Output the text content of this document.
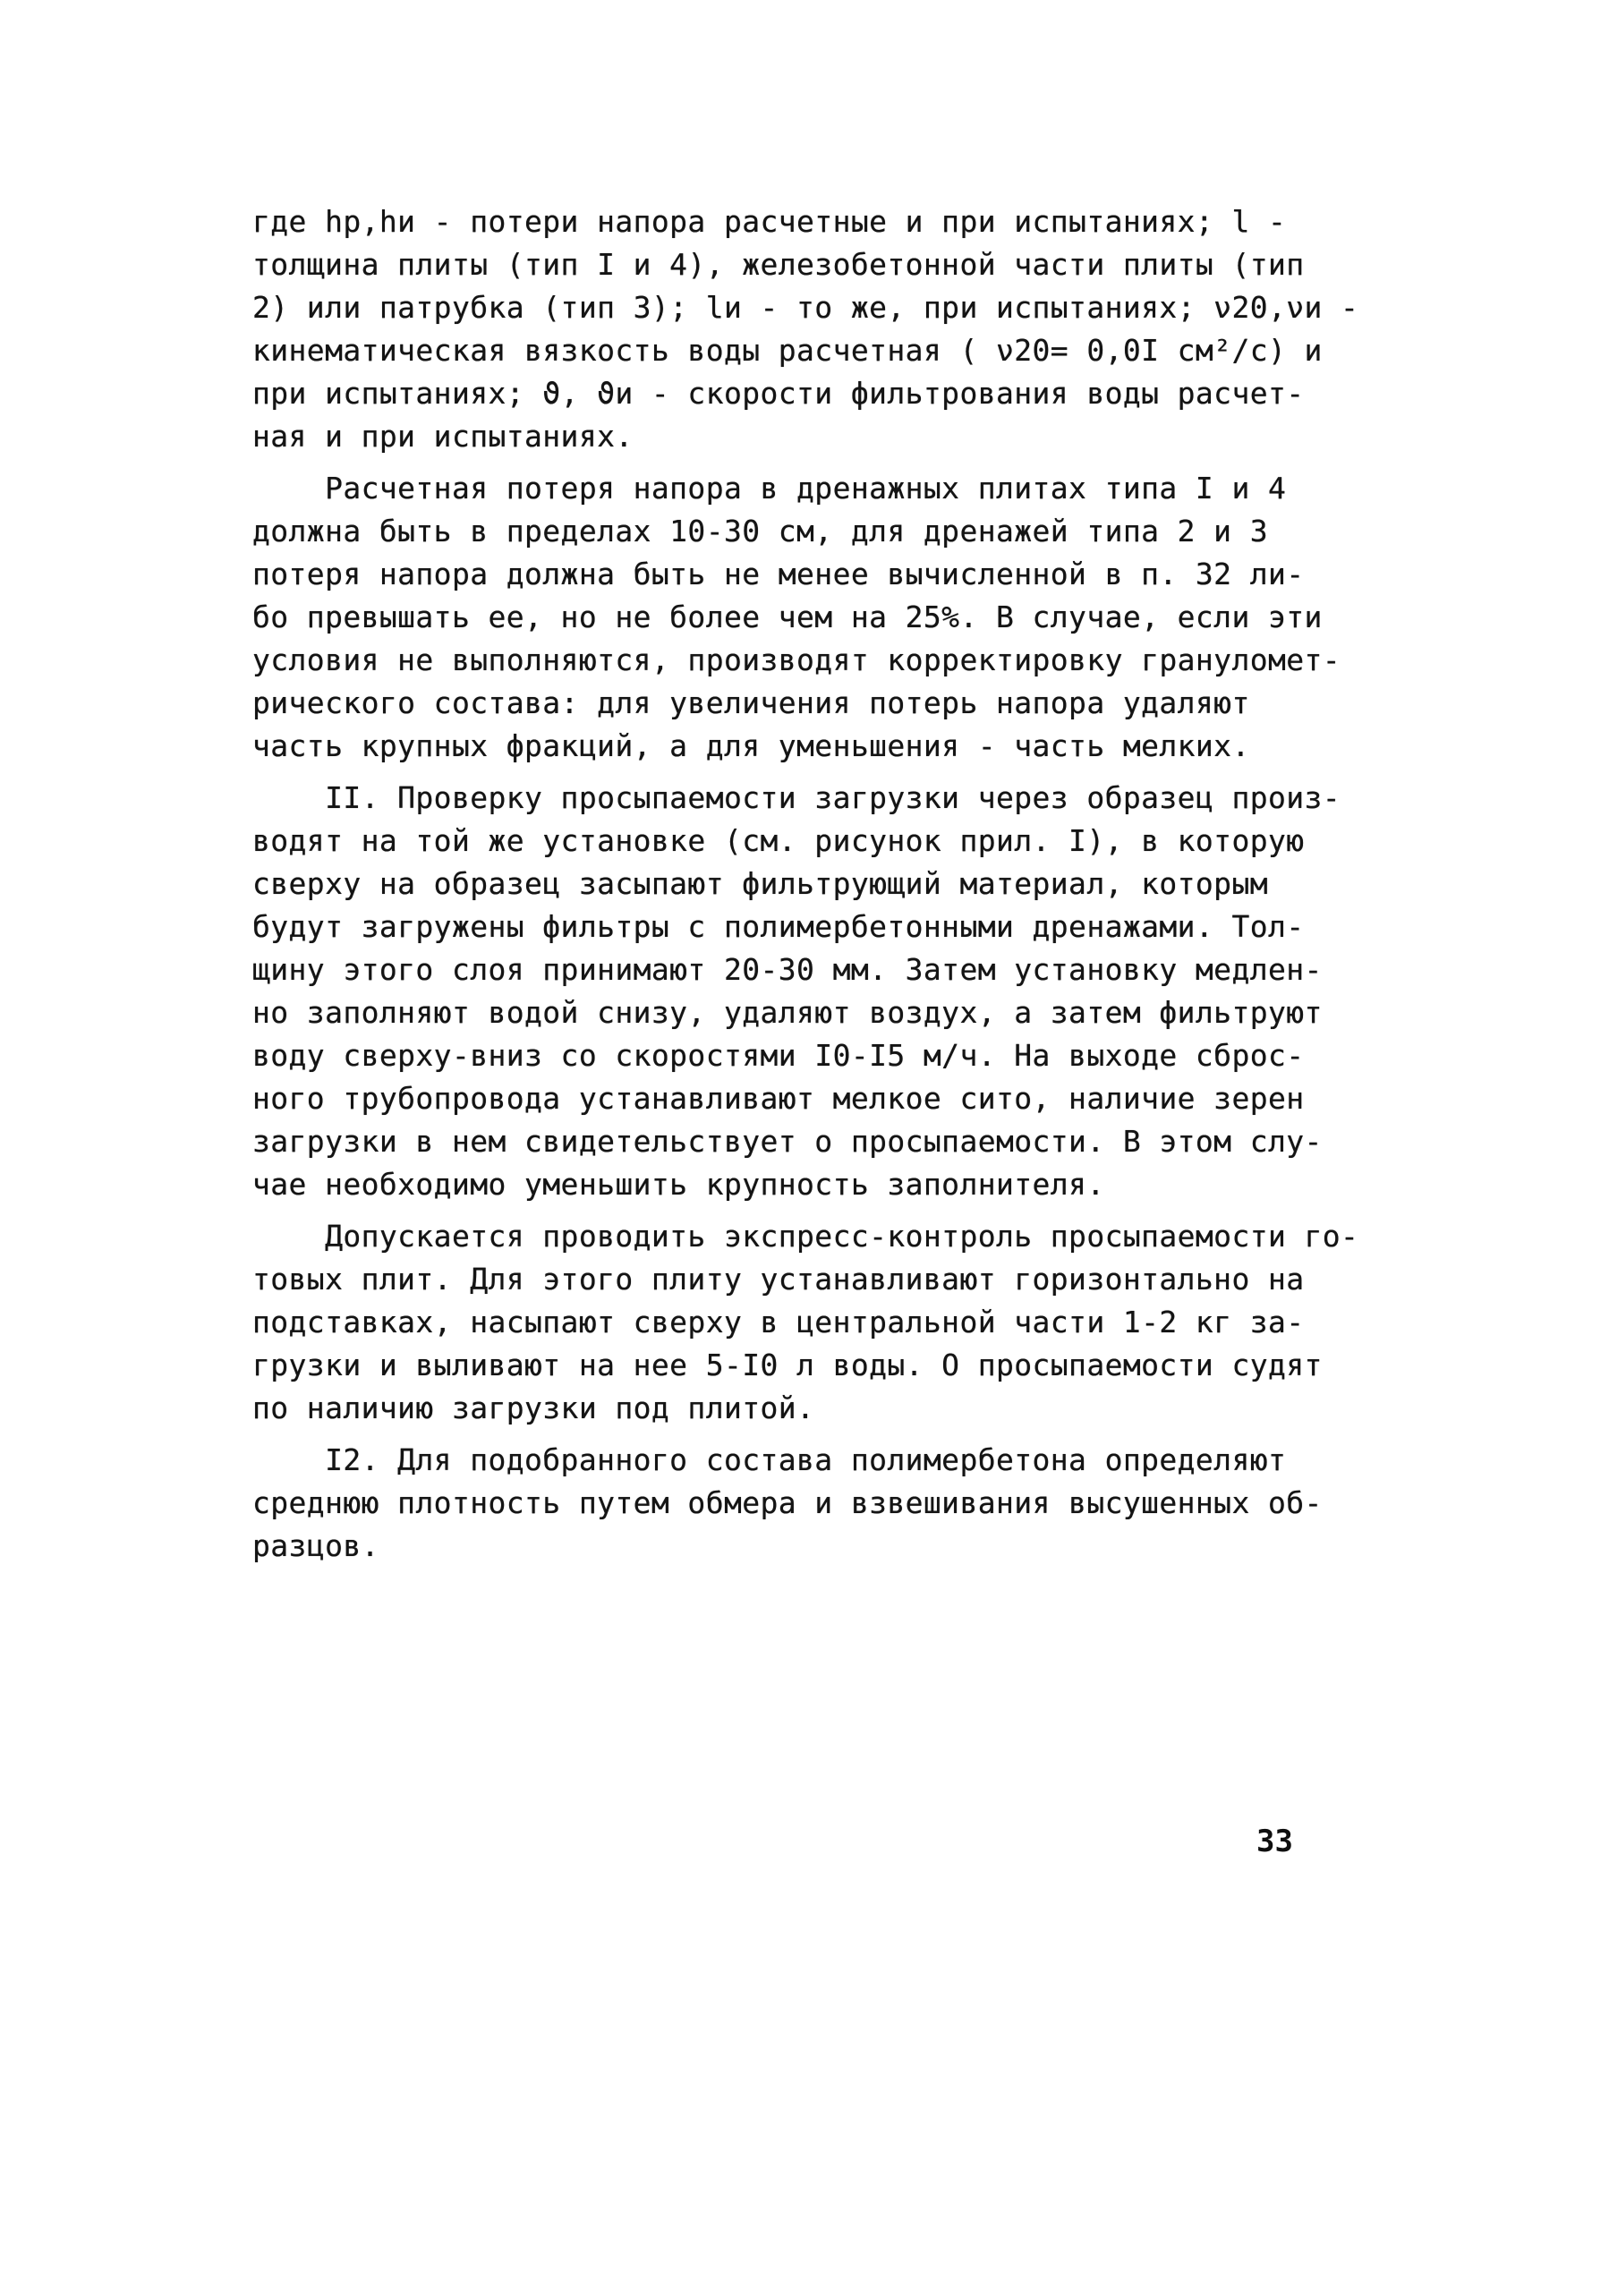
где hр,hи - потери напора расчетные и при испытаниях; l -
толщина плиты (тип I и 4), железобетонной части плиты (тип
2) или патрубка (тип 3); lи - то же, при испытаниях; ν20,νи -
кинематическая вязкость воды расчетная ( ν20= 0,0I см²/с) и
при испытаниях; ϑ, ϑи - скорости фильтрования воды расчет-
ная и при испытаниях.
Расчетная потеря напора в дренажных плитах типа I и 4
должна быть в пределах 10-30 см, для дренажей типа 2 и 3
потеря напора должна быть не менее вычисленной в п. 32 ли-
бо превышать ее, но не более чем на 25%. В случае, если эти
условия не выполняются, производят корректировку грануломет-
рического состава: для увеличения потерь напора удаляют
часть крупных фракций, а для уменьшения - часть мелких.
II. Проверку просыпаемости загрузки через образец произ-
водят на той же установке (см. рисунок прил. I), в которую
сверху на образец засыпают фильтрующий материал, которым
будут загружены фильтры с полимербетонными дренажами. Тол-
щину этого слоя принимают 20-30 мм. Затем установку медлен-
но заполняют водой снизу, удаляют воздух, а затем фильтруют
воду сверху-вниз со скоростями I0-I5 м/ч. На выходе сброс-
ного трубопровода устанавливают мелкое сито, наличие зерен
загрузки в нем свидетельствует о просыпаемости. В этом слу-
чае необходимо уменьшить крупность заполнителя.
Допускается проводить экспресс-контроль просыпаемости го-
товых плит. Для этого плиту устанавливают горизонтально на
подставках, насыпают сверху в центральной части 1-2 кг за-
грузки и выливают на нее 5-I0 л воды. О просыпаемости судят
по наличию загрузки под плитой.
I2. Для подобранного состава полимербетона определяют
среднюю плотность путем обмера и взвешивания высушенных об-
разцов.
33
